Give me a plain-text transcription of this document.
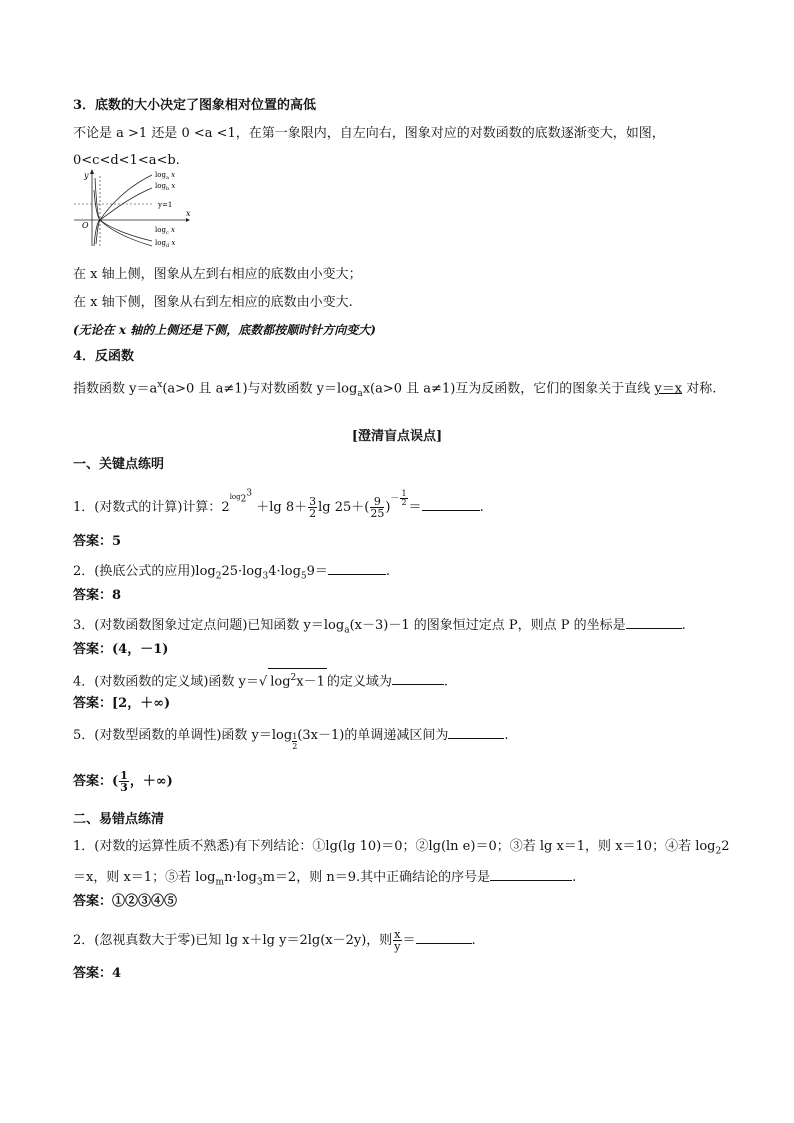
3．底数的大小决定了图象相对位置的高低
不论是 a >1 还是 0 <a <1，在第一象限内，自左向右，图象对应的对数函数的底数逐渐变大，如图，
0<c<d<1<a<b.
y
x
O
y=1
$\log_a x$
$\log_b x$
$\log_c x$
$\log_d x$
在 x 轴上侧，图象从左到右相应的底数由小变大；
在 x 轴下侧，图象从右到左相应的底数由小变大.
(无论在 x 轴的上侧还是下侧，底数都按顺时针方向变大)
4．反函数
指数函数 $y=a^x(a>0$ 且 a≠1)与对数函数 $y=\log_ax(a>0$ 且 a≠1)互为反函数，它们的图象关于直线 y＝x 对称.
[澄清盲点误点]
一、关键点练明
1．(对数式的计算)计算：$2^{log_2^3} +\lg$ $8+ \frac{3}{2}$ $\lg 25+( \frac{9}{25} )^{- \frac{1}{2}}$
＝	.
答案：5
2．(换底公式的应用)$\log_225\cdot\log_34\cdot\log_59=$	.
答案：8
3．(对数函数图象过定点问题)已知函数 $y=\log_a(x-3)-1$ 的图象恒过定点 P，则点 P 的坐标是	.
答案：(4，－1)
4．(对数函数的定义域)函数 y＝√ $\log^2x-1$ 的定义域为	.
答案：[2，＋∞)
5．(对数型函数的单调性)函数 $y=\log \frac{1}{2} (3x-1)$的单调递减区间为	.
答案：( $\frac{1}{3}$ ，＋∞)
二、易错点练清
1．(对数的运算性质不熟悉)有下列结论：①lg(lg 10)＝0；②lg(ln e)＝0；③若 lg x＝1，则 x＝10；④若 $\log_22$
＝x，则 x＝1；⑤若 $\log_mn\cdot\log_3m=2$，则 n＝9.其中正确结论的序号是	.
答案：①②③④⑤
2．(忽视真数大于零)已知 lg x＋lg y＝2lg(x－2y)，则 $\frac{x}{y}$ ＝	.
答案：4
